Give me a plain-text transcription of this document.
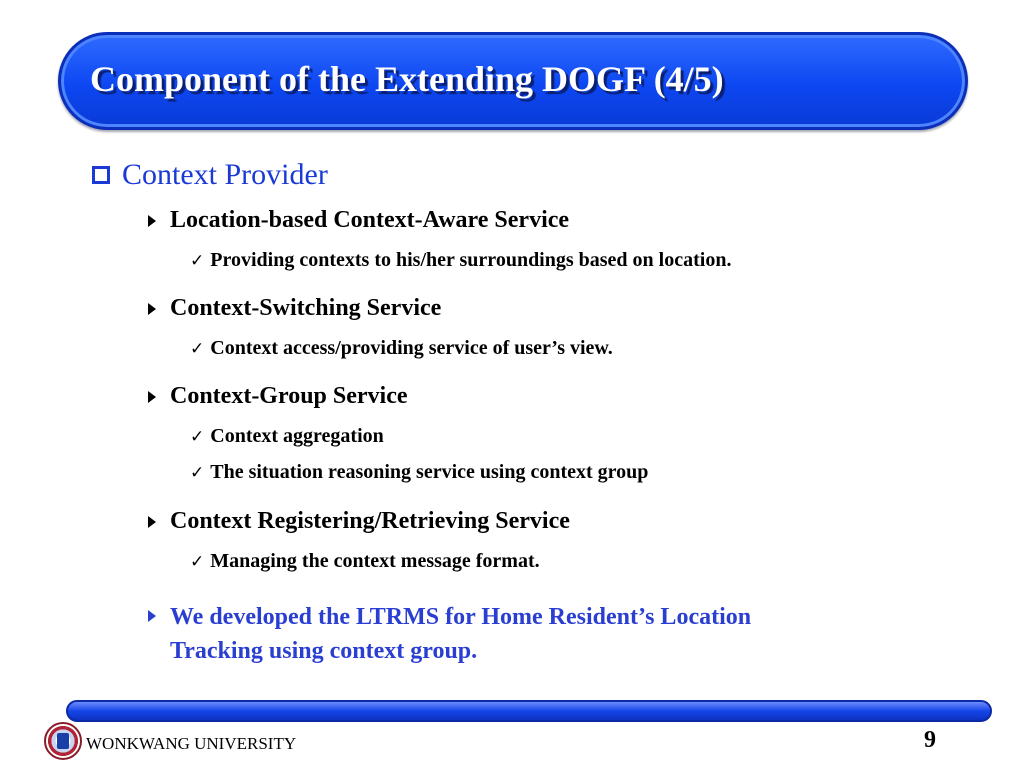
Component of the Extending DOGF (4/5)
Context Provider
Location-based Context-Aware Service
✓ Providing contexts to his/her surroundings based on location.
Context-Switching Service
✓ Context access/providing service of user’s view.
Context-Group Service
✓ Context aggregation
✓ The situation reasoning service using context group
Context Registering/Retrieving Service
✓ Managing the context message format.
We developed the LTRMS for Home Resident’s Location
Tracking using context group.
WONKWANG UNIVERSITY	9
